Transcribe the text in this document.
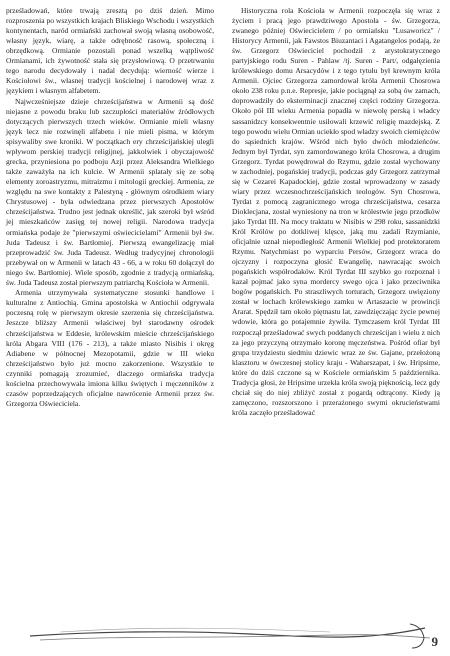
prześladowań, które trwają zresztą po dziś dzień. Mimo rozproszenia po wszystkich krajach Bliskiego Wschodu i wszystkich kontynentach, naród ormiański zachował swoją własną osobowość, własny język, wiarę, a także odrębność rasową, społeczną i obrzędkową. Ormianie pozostali ponad wszelką wątpliwość Ormianami, ich żywotność stała się przysłowiową. O przetrwaniu tego narodu decydowały i nadal decydują: wierność wierze i Kościołowi św., własnej tradycji kościelnej i narodowej wraz z językiem i własnym alfabetem.

Najwcześniejsze dzieje chrześcijaństwa w Armenii są dość niejasne z powodu braku lub szczupłości materiałów źródłowych dotyczących pierwszych trzech wieków. Ormianie mieli własny język lecz nie rozwinęli alfabetu i nie mieli pisma, w którym spisywaliby swe kroniki. W początkach ery chrześcijańskiej ulegli wpływom perskiej tradycji religijnej, jakkolwiek i obyczajowość grecka, przyniesiona po podboju Azji przez Aleksandra Wielkiego także zaważyła na ich kulcie. W Armenii splatały się ze sobą elementy zoroastryzmu, mitraizmu i mitologii greckiej. Armenia, ze względu na swe kontakty z Palestyną - głównym ośrodkiem wiary Chrystusowej - była odwiedzana przez pierwszych Apostołów chrześcijaństwa. Trudno jest jednak określić, jak szeroki był wśród jej mieszkańców zasięg tej nowej religii. Narodowa tradycja ormiańska podaje że "pierwszymi oświecicielami" Armenii był św. Juda Tadeusz i św. Bartłomiej. Pierwszą ewangelizację miał przeprowadzić św. Juda Tadeusz. Według tradycyjnej chronologii przebywał on w Armenii w latach 43 - 66, a w roku 60 dołączył do niego św. Bartłomiej. Wiele sposób, zgodnie z tradycją ormiańską, św. Juda Tadeusz został pierwszym patriarchą Kościoła w Armenii.

Armenia utrzymywała systematyczne stosunki handlowe i kulturalne z Antiochią. Gmina apostolska w Antiochii odgrywała poczesną rolę w pierwszym okresie szerzenia się chrześcijaństwa. Jeszcze bliższy Armenii właściwej był starodawny ośrodek chrześcijaństwa w Eddesie, królewskim mieście chrześcijańskiego króla Abgara VIII (176 - 213), a także miasto Nisibis i okręg Adiabene w północnej Mezopotamii, gdzie w III wieku chrześcijaństwo było już mocno zakorzenione. Wszystkie te czynniki pomagają zrozumieć, dlaczego ormiańska tradycja kościelna przechowywała imiona kilku świętych i męczenników z czasów poprzedzających oficjalne nawrócenie Armenii przez św. Grzegorza Oświeciciela.

Historyczna rola Kościoła w Armenii rozpoczęła się wraz z życiem i pracą jego prawdziwego Apostoła - św. Grzegorza, zwanego później Oświecicielem / po ormiańsku "Lusaworicz" / Historycy Armenii, jak Fawstos Biuzantaci i Agatangelos podają, że św. Grzegorz Oświeciciel pochodził z arystokratycznego partyjskiego rodu Suren - Pahlaw /tj. Suren - Part/, odgałęzienia królewskiego domu Arsacydów i z tego tytułu był krewnym króla Armenii. Ojciec Grzegorza zamordował króla Armenii Chosrowa około 238 roku p.n.e. Represje, jakie pociągnął za sobą ów zamach, doprowadziły do eksterminacji znacznej części rodziny Grzegorza. Około pół III wieku Armenia popadła w niewolę perską i władcy sassanidzcy konsekwentnie usiłowali krzewić religię mazdejską. Z tego powodu wielu Ormian uciekło spod władzy swoich ciemiężców do sąsiednich krajów. Wśród nich było dwóch młodzieńców. Jednym był Tyrdat, syn zamordowanego króla Chosrowa, a drugim Grzegorz. Tyrdat powędrował do Rzymu, gdzie został wychowany w zachodniej, pogańskiej tradycji, podczas gdy Grzegorz zatrzymał się w Cezarei Kapadockiej, gdzie został wprowadzony w zasady wiary przez wczesnochrześcijańskich teologów. Syn Chosrowa, Tyrdat z pomocą zagranicznego wroga chrześcijaństwa, cesarza Dioklecjana, został wyniesiony na tron w królestwie jego przodków jako Tyrdat III. Na mocy traktatu w Nisibis w 298 roku, sassanidzki Król Królów po dotkliwej klęsce, jaką mu zadali Rzymianie, oficjalnie uznał niepodległość Armenii Wielkiej pod protektoratem Rzymu. Natychmiast po wyparciu Persów, Grzegorz wraca do ojczyzny i rozpoczyna głosić Ewangelię, nawracając swoich pogańskich współrodaków. Król Tyrdat III szybko go rozpoznał i kazał pojmać jako syna mordercy swego ojca i jako przeciwnika bogów pogańskich. Po straszliwych torturach, Grzegorz uwięziony został w lochach królewskiego zamku w Artaszacie w prowincji Ararat. Spędził tam około piętnastu lat, zawdzięczając życie pewnej wdowie, która go potajemnie żywiła. Tymczasem król Tyrdat III rozpoczął prześladować swych poddanych chrześcijan i wielu z nich za jego przyczyną otrzymało koronę męczeństwa. Pośród ofiar był grupa trzydziestu siedmiu dziewic wraz ze św. Gajane, przełożoną klasztoru w ówczesnej stolicy kraju - Waharszapat, i św. Hripsime, które do dziś czczone są w Kościele ormiańskim 5 października. Tradycja głosi, że Hripsime urzekła króla swoją pięknością, lecz gdy chciał się do niej zbliżyć został z pogardą odtrącony. Kiedy ją zamęczono, rozszorszono i przerażonego swymi okrucieństwami króla zaczęło prześladować

9
